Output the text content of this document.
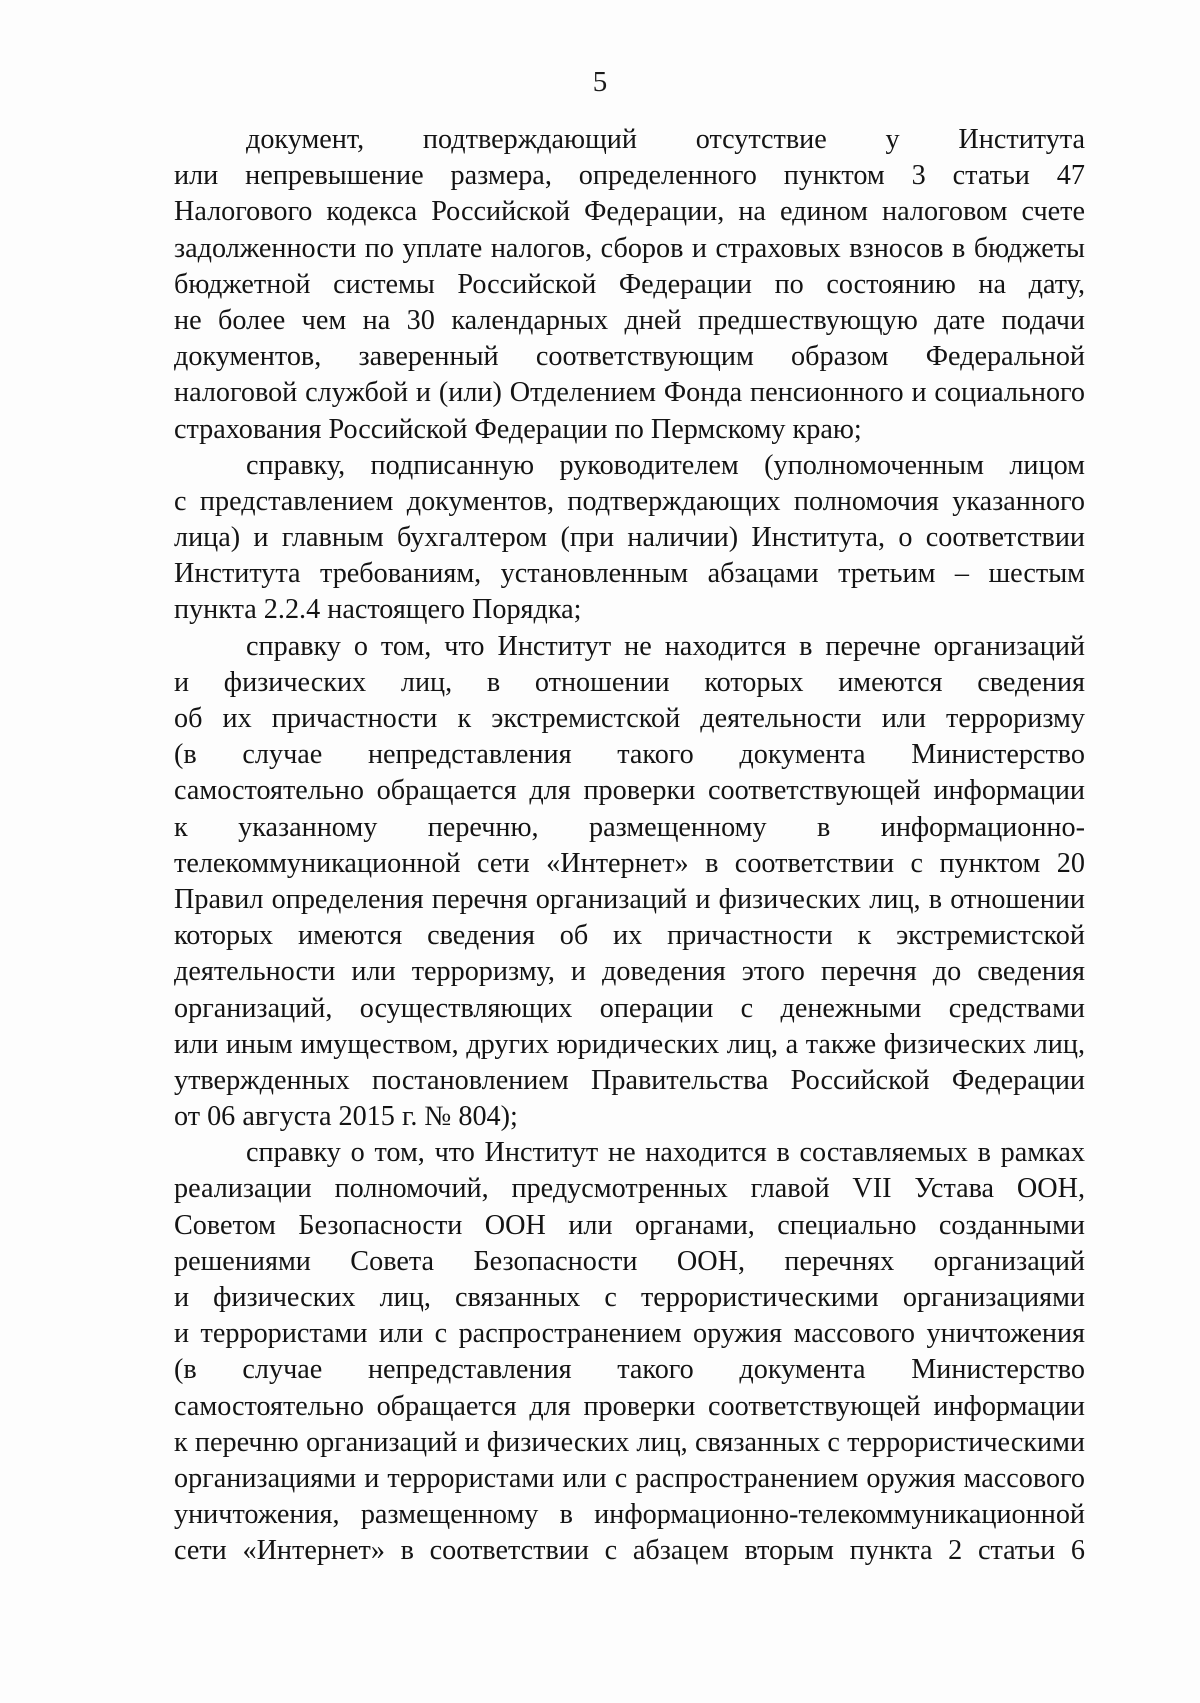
5
документ, подтверждающий отсутствие у Института
или непревышение размера, определенного пунктом 3 статьи 47
Налогового кодекса Российской Федерации, на едином налоговом счете
задолженности по уплате налогов, сборов и страховых взносов в бюджеты
бюджетной системы Российской Федерации по состоянию на дату,
не более чем на 30 календарных дней предшествующую дате подачи
документов, заверенный соответствующим образом Федеральной
налоговой службой и (или) Отделением Фонда пенсионного и социального
страхования Российской Федерации по Пермскому краю;
справку, подписанную руководителем (уполномоченным лицом
с представлением документов, подтверждающих полномочия указанного
лица) и главным бухгалтером (при наличии) Института, о соответствии
Института требованиям, установленным абзацами третьим – шестым
пункта 2.2.4 настоящего Порядка;
справку о том, что Институт не находится в перечне организаций
и физических лиц, в отношении которых имеются сведения
об их причастности к экстремистской деятельности или терроризму
(в случае непредставления такого документа Министерство
самостоятельно обращается для проверки соответствующей информации
к указанному перечню, размещенному в информационно-
телекоммуникационной сети «Интернет» в соответствии с пунктом 20
Правил определения перечня организаций и физических лиц, в отношении
которых имеются сведения об их причастности к экстремистской
деятельности или терроризму, и доведения этого перечня до сведения
организаций, осуществляющих операции с денежными средствами
или иным имуществом, других юридических лиц, а также физических лиц,
утвержденных постановлением Правительства Российской Федерации
от 06 августа 2015 г. № 804);
справку о том, что Институт не находится в составляемых в рамках
реализации полномочий, предусмотренных главой VII Устава ООН,
Советом Безопасности ООН или органами, специально созданными
решениями Совета Безопасности ООН, перечнях организаций
и физических лиц, связанных с террористическими организациями
и террористами или с распространением оружия массового уничтожения
(в случае непредставления такого документа Министерство
самостоятельно обращается для проверки соответствующей информации
к перечню организаций и физических лиц, связанных с террористическими
организациями и террористами или с распространением оружия массового
уничтожения, размещенному в информационно-телекоммуникационной
сети «Интернет» в соответствии с абзацем вторым пункта 2 статьи 6
